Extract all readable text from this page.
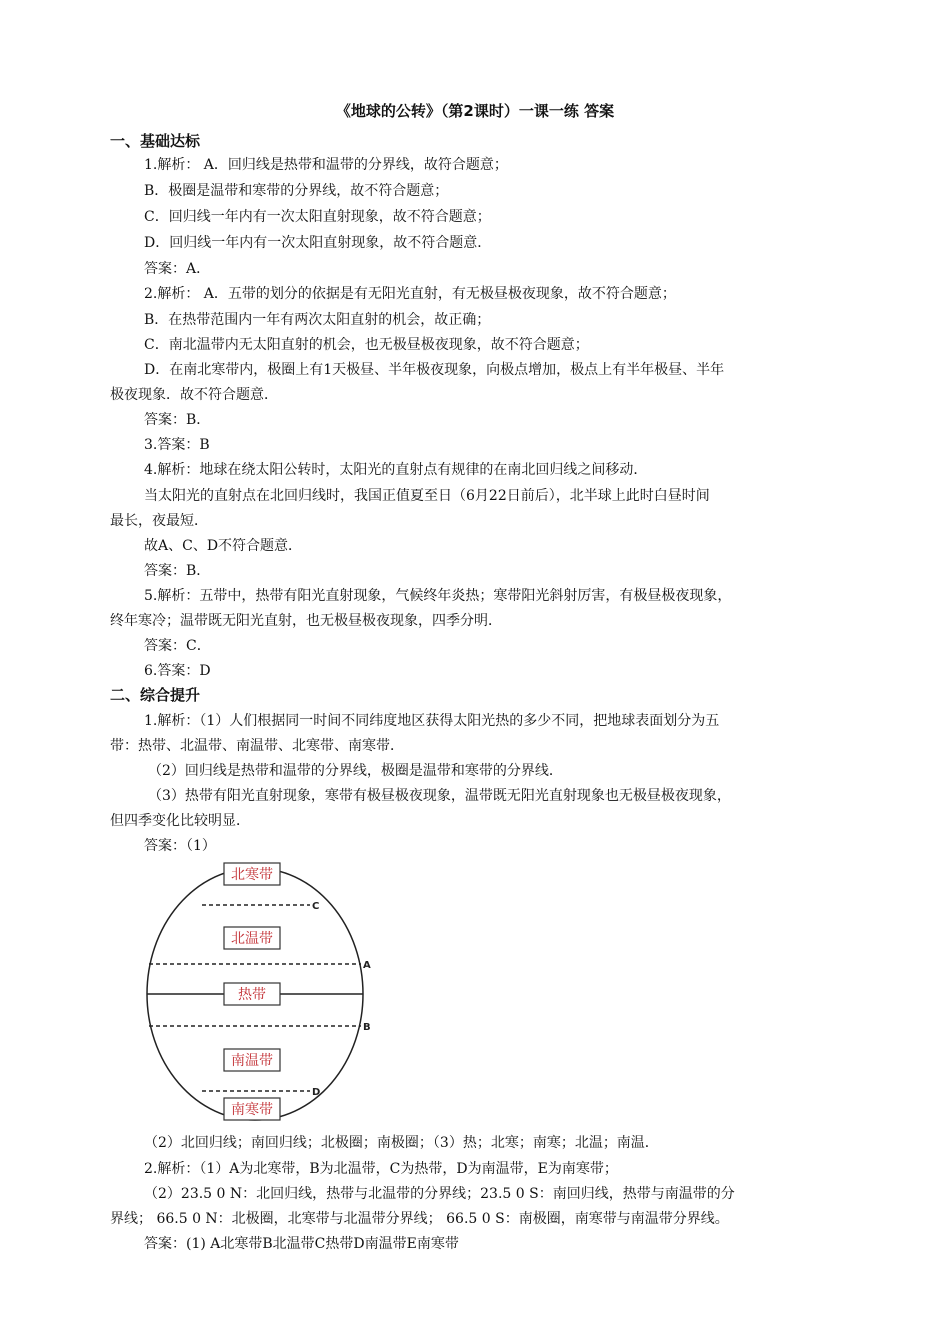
《地球的公转》（第2课时）一课一练 答案
一、基础达标
1.解析： A．回归线是热带和温带的分界线，故符合题意；
B．极圈是温带和寒带的分界线，故不符合题意；
C．回归线一年内有一次太阳直射现象，故不符合题意；
D．回归线一年内有一次太阳直射现象，故不符合题意．
答案：A．
2.解析： A．五带的划分的依据是有无阳光直射，有无极昼极夜现象，故不符合题意；
B．在热带范围内一年有两次太阳直射的机会，故正确；
C．南北温带内无太阳直射的机会，也无极昼极夜现象，故不符合题意；
D．在南北寒带内，极圈上有1天极昼、半年极夜现象，向极点增加，极点上有半年极昼、半年
极夜现象．故不符合题意．
答案：B．
3.答案：B
4.解析：地球在绕太阳公转时，太阳光的直射点有规律的在南北回归线之间移动．
当太阳光的直射点在北回归线时，我国正值夏至日（6月22日前后），北半球上此时白昼时间
最长，夜最短．
故A、C、D不符合题意．
答案：B．
5.解析：五带中，热带有阳光直射现象，气候终年炎热；寒带阳光斜射厉害，有极昼极夜现象，
终年寒冷；温带既无阳光直射，也无极昼极夜现象，四季分明．
答案：C．
6.答案：D
二、综合提升
1.解析：（1）人们根据同一时间不同纬度地区获得太阳光热的多少不同，把地球表面划分为五
带：热带、北温带、南温带、北寒带、南寒带．
（2）回归线是热带和温带的分界线，极圈是温带和寒带的分界线．
（3）热带有阳光直射现象，寒带有极昼极夜现象，温带既无阳光直射现象也无极昼极夜现象，
但四季变化比较明显．
答案：（1）
北寒带
北温带
热带
南温带
南寒带
C
A
B
D
（2）北回归线；南回归线；北极圈；南极圈；（3）热；北寒；南寒；北温；南温．
2.解析：（1）A为北寒带，B为北温带，C为热带，D为南温带，E为南寒带；
（2）23.5 0 N：北回归线，热带与北温带的分界线；23.5 0 S：南回归线，热带与南温带的分
界线； 66.5 0 N：北极圈，北寒带与北温带分界线； 66.5 0 S：南极圈，南寒带与南温带分界线。
答案：(1) A北寒带B北温带C热带D南温带E南寒带
